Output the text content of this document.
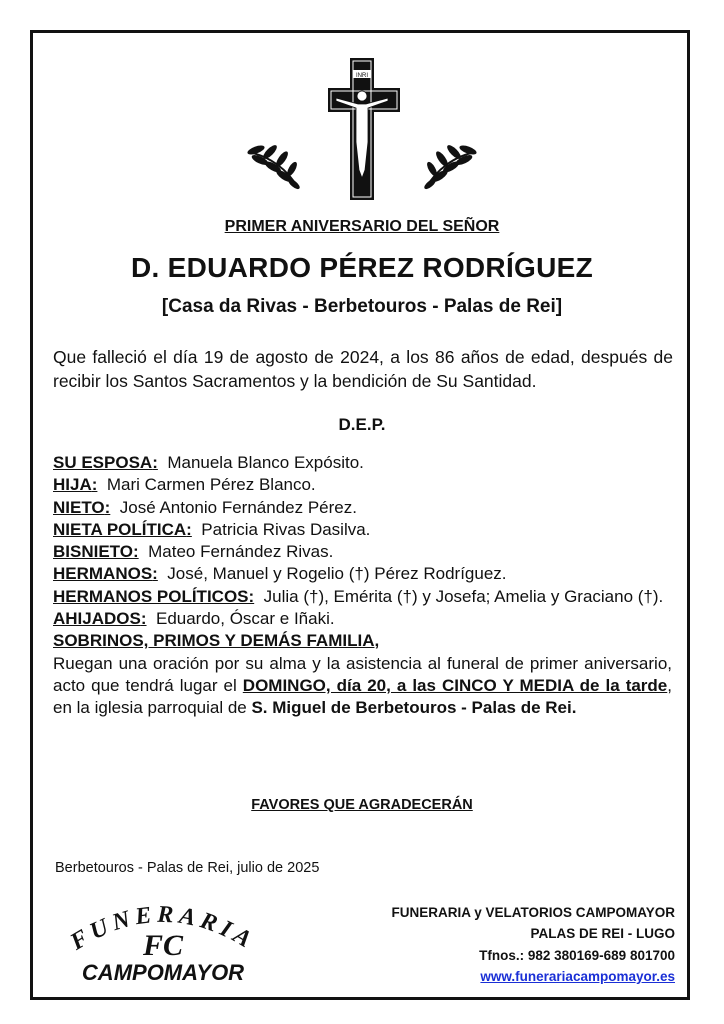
INRI
PRIMER ANIVERSARIO DEL SEÑOR
D. EDUARDO PÉREZ RODRÍGUEZ
[Casa da Rivas - Berbetouros - Palas de Rei]
Que falleció el día 19 de agosto de 2024, a los 86 años de edad, después de recibir los Santos Sacramentos y la bendición de Su Santidad.
D.E.P.

SU ESPOSA: Manuela Blanco Expósito.

HIJA: Mari Carmen Pérez Blanco.

NIETO: José Antonio Fernández Pérez.

NIETA POLÍTICA: Patricia Rivas Dasilva.

BISNIETO: Mateo Fernández Rivas.

HERMANOS: José, Manuel y Rogelio (†) Pérez Rodríguez.

HERMANOS POLÍTICOS: Julia (†), Emérita (†) y Josefa; Amelia y Graciano (†).

AHIJADOS: Eduardo, Óscar e Iñaki.

SOBRINOS, PRIMOS Y DEMÁS FAMILIA,

Ruegan una oración por su alma y la asistencia al funeral de primer aniversario, acto que tendrá lugar el DOMINGO, día 20, a las CINCO Y MEDIA de la tarde, en la iglesia parroquial de S. Miguel de Berbetouros - Palas de Rei.

FAVORES QUE AGRADECERÁN
Berbetouros - Palas de Rei, julio de 2025
FUNERARIA
FC
CAMPOMAYOR
FUNERARIA y VELATORIOS CAMPOMAYOR
PALAS DE REI - LUGO
Tfnos.: 982 380169-689 801700
www.funerariacampomayor.es
